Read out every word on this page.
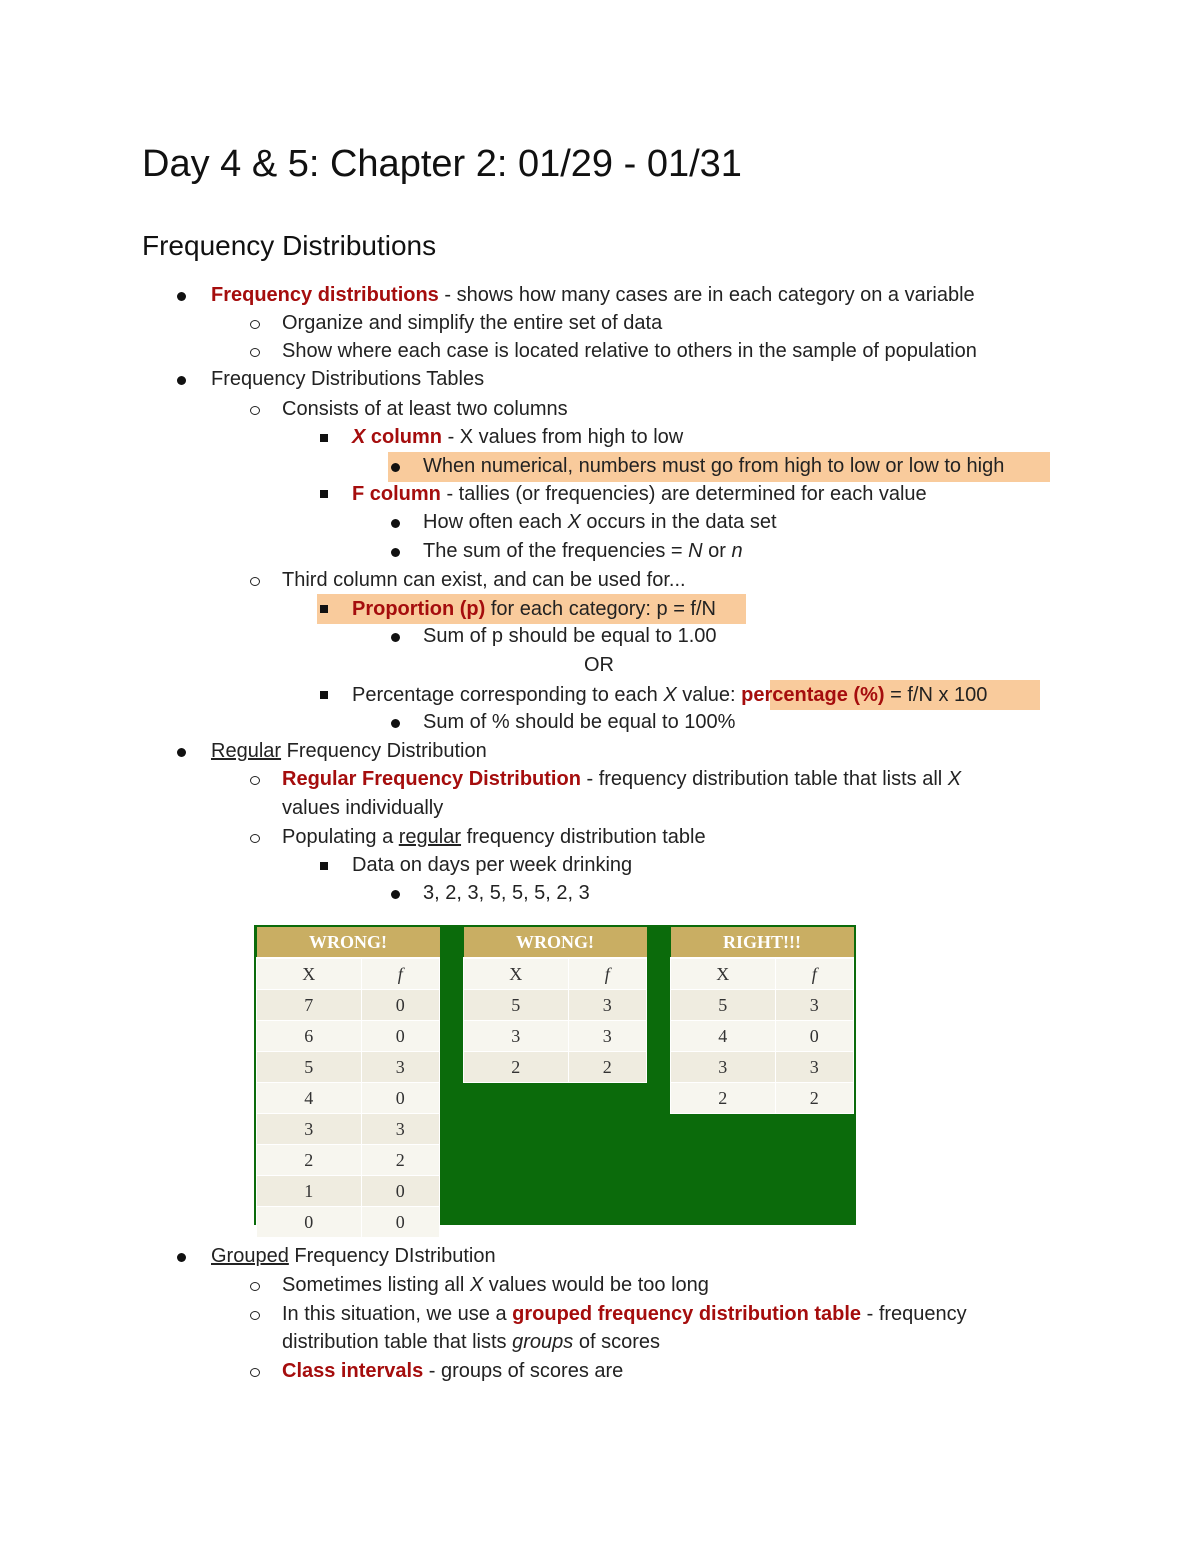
Day 4 & 5: Chapter 2: 01/29 - 01/31
Frequency Distributions
Frequency distributions - shows how many cases are in each category on a variable
Organize and simplify the entire set of data
Show where each case is located relative to others in the sample of population
Frequency Distributions Tables
Consists of at least two columns
X column - X values from high to low
When numerical, numbers must go from high to low or low to high
F column - tallies (or frequencies) are determined for each value
How often each X occurs in the data set
The sum of the frequencies = N or n
Third column can exist, and can be used for...
Proportion (p) for each category: p = f/N
Sum of p should be equal to 1.00
OR
Percentage corresponding to each X value: percentage (%) = f/N x 100
Sum of % should be equal to 100%
Regular Frequency Distribution
Regular Frequency Distribution - frequency distribution table that lists all X
values individually
Populating a regular frequency distribution table
Data on days per week drinking
3, 2, 3, 5, 5, 5, 2, 3
WRONG!	
X	f
7	0
6	0
5	3
4	0
3	3
2	2
1	0
0	0
WRONG!	
X	f
5	3
3	3
2	2
RIGHT!!!	
X	f
5	3
4	0
3	3
2	2
Grouped Frequency DIstribution
Sometimes listing all X values would be too long
In this situation, we use a grouped frequency distribution table - frequency
distribution table that lists groups of scores
Class intervals - groups of scores are
